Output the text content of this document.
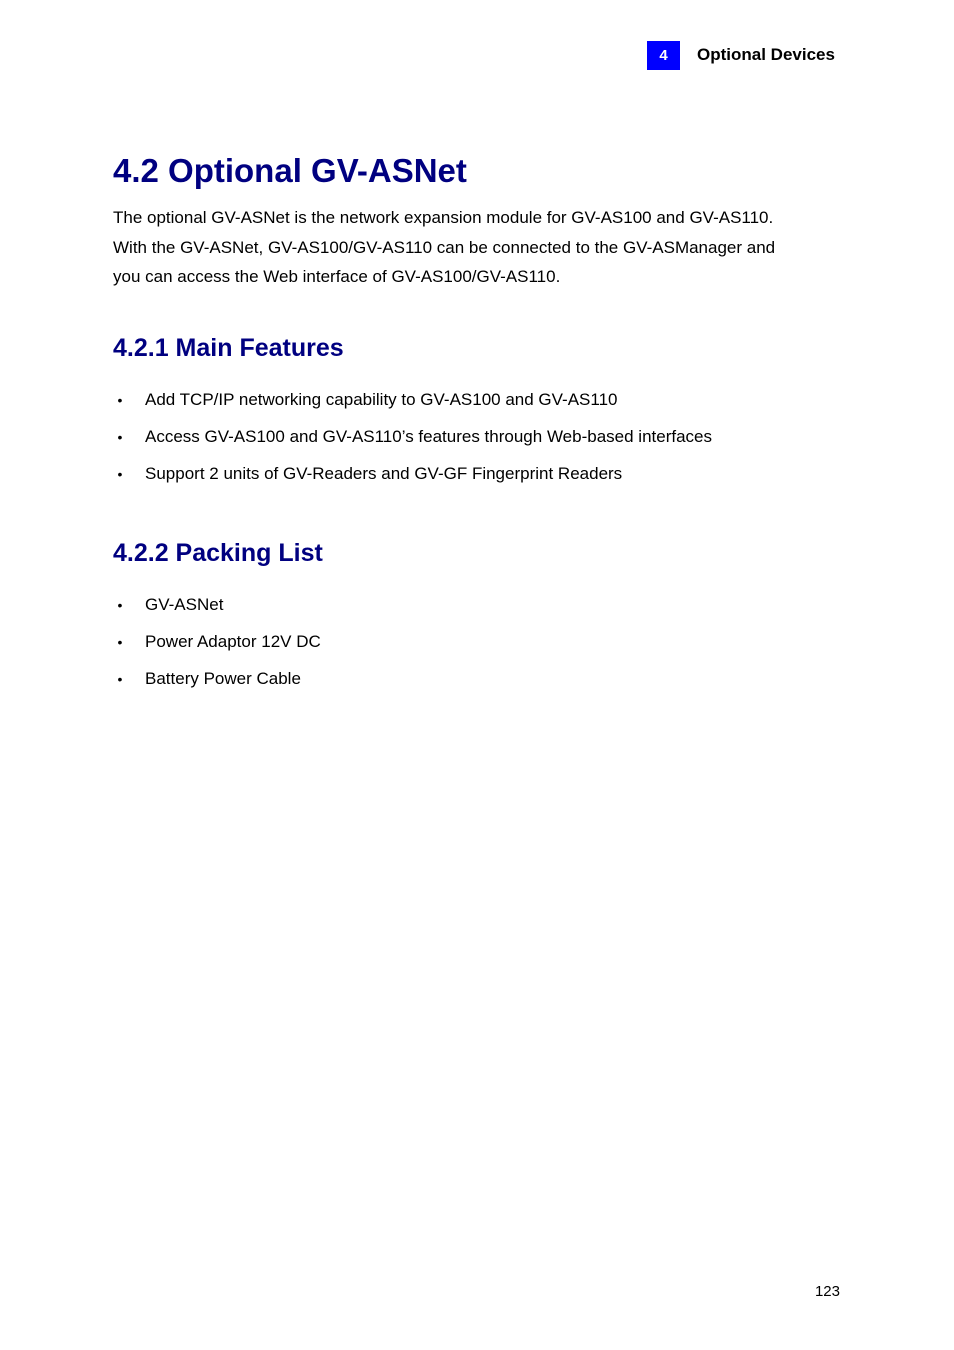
4	Optional Devices
4.2 Optional GV-ASNet

The optional GV-ASNet is the network expansion module for GV-AS100 and GV-AS110.

With the GV-ASNet, GV-AS100/GV-AS110 can be connected to the GV-ASManager and

you can access the Web interface of GV-AS100/GV-AS110.

4.2.1 Main Features
• Add TCP/IP networking capability to GV-AS100 and GV-AS110
• Access GV-AS100 and GV-AS110’s features through Web-based interfaces
• Support 2 units of GV-Readers and GV-GF Fingerprint Readers
4.2.2 Packing List
• GV-ASNet
• Power Adaptor 12V DC
• Battery Power Cable
123
